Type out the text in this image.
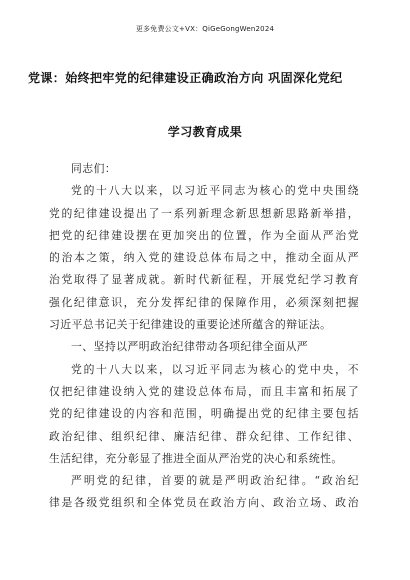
更多免费公文+VX：QiGeGongWen2024
党课：始终把牢党的纪律建设正确政治方向 巩固深化党纪
学习教育成果
同志们：
党的十八大以来，以习近平同志为核心的党中央围绕
党的纪律建设提出了一系列新理念新思想新思路新举措，
把党的纪律建设摆在更加突出的位置，作为全面从严治党
的治本之策，纳入党的建设总体布局之中，推动全面从严
治党取得了显著成就。新时代新征程，开展党纪学习教育
强化纪律意识，充分发挥纪律的保障作用，必须深刻把握
习近平总书记关于纪律建设的重要论述所蕴含的辩证法。
一、坚持以严明政治纪律带动各项纪律全面从严
党的十八大以来，以习近平同志为核心的党中央，不
仅把纪律建设纳入党的建设总体布局，而且丰富和拓展了
党的纪律建设的内容和范围，明确提出党的纪律主要包括
政治纪律、组织纪律、廉洁纪律、群众纪律、工作纪律、
生活纪律，充分彰显了推进全面从严治党的决心和系统性。
严明党的纪律，首要的就是严明政治纪律。“政治纪
律是各级党组织和全体党员在政治方向、政治立场、政治
